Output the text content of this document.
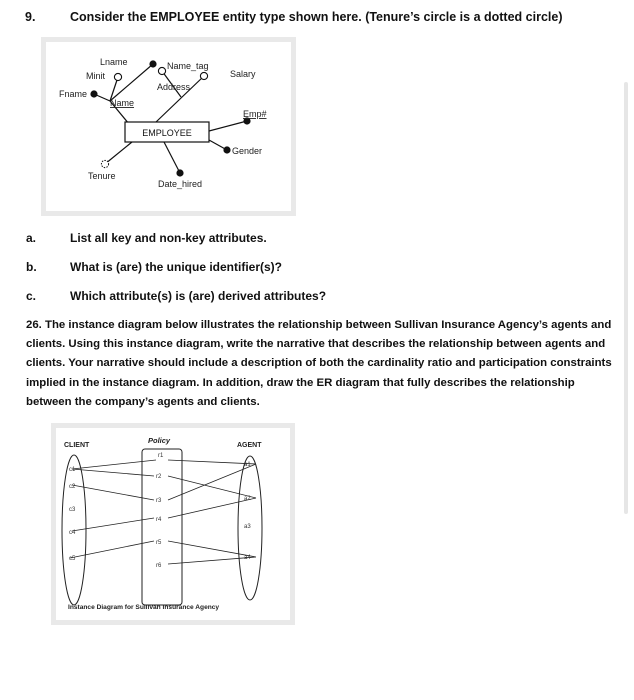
9.	Consider the EMPLOYEE entity type shown here. (Tenure’s circle is a dotted circle)
EMPLOYEE
Lname
Minit
Fname
Name
Name_tag
Address
Salary
Emp#
Gender
Tenure
Date_hired
a.	List all key and non-key attributes.
b.	What is (are) the unique identifier(s)?
c.	Which attribute(s) is (are) derived attributes?
26. The instance diagram below illustrates the relationship between Sullivan Insurance Agency’s agents and clients. Using this instance diagram, write the narrative that describes the relationship between agents and clients. Your narrative should include a description of both the cardinality ratio and participation constraints implied in the instance diagram. In addition, draw the ER diagram that fully describes the relationship between the company’s agents and clients.
CLIENT
Policy
AGENT
c1
c2
c3
c4
c5
r1
r2
r3
r4
r5
r6
a1
a2
a3
a4
Instance Diagram for Sullivan Insurance Agency
